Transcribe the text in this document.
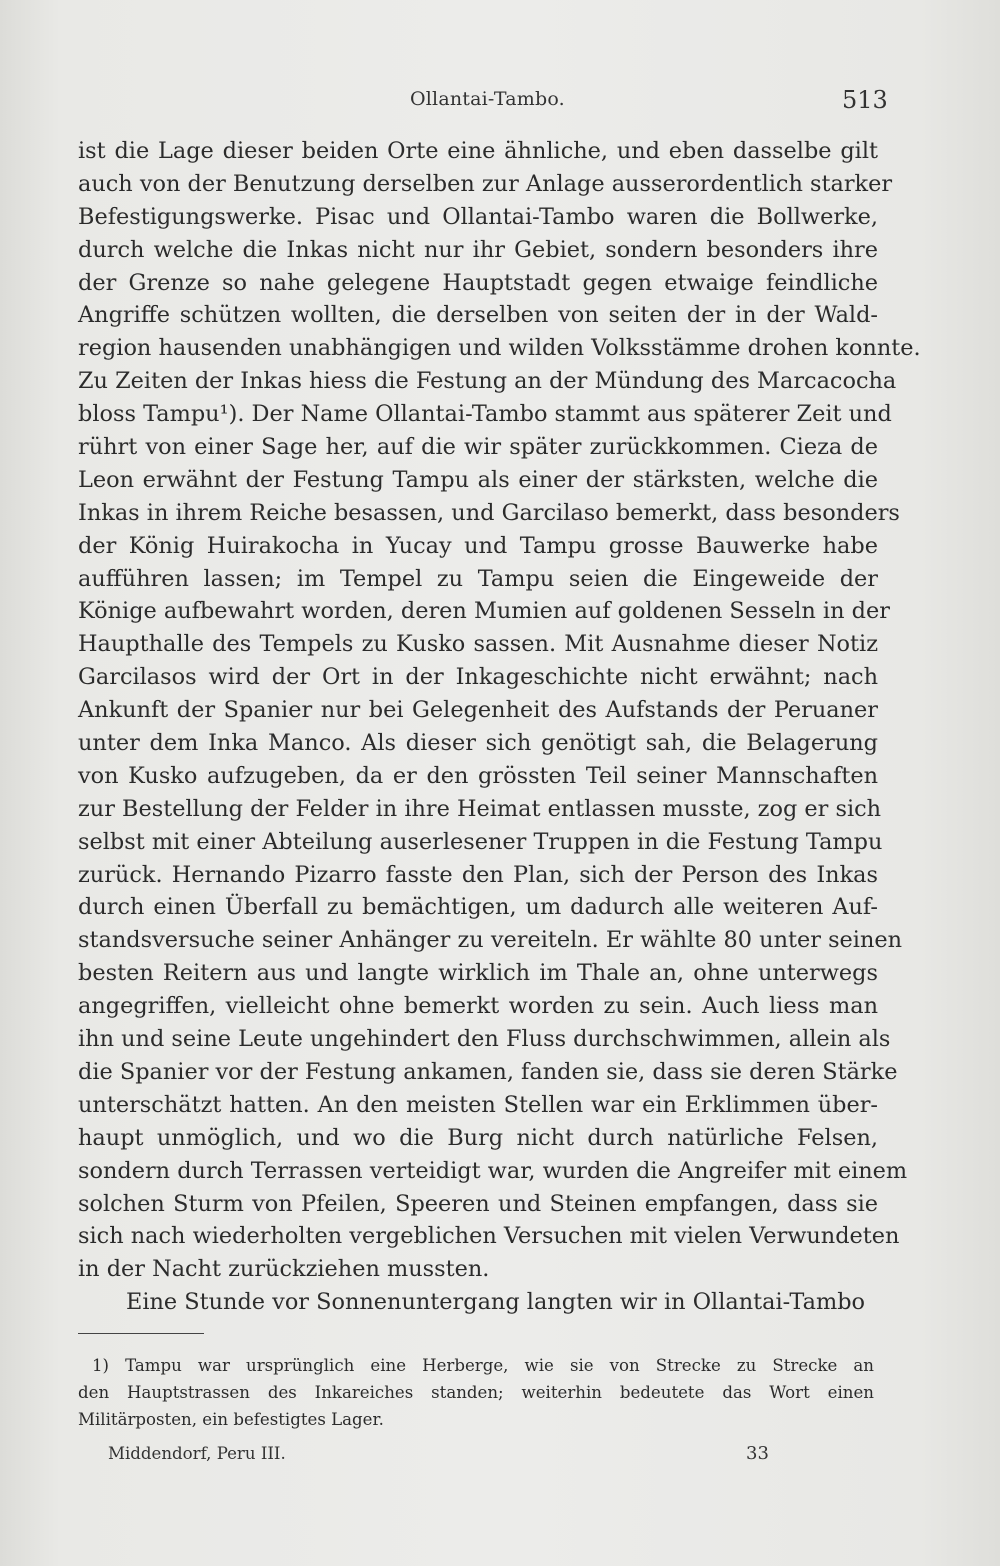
Ollantai-Tambo.	513
ist die Lage dieser beiden Orte eine ähnliche, und eben dasselbe gilt
auch von der Benutzung derselben zur Anlage ausserordentlich starker
Befestigungswerke. Pisac und Ollantai-Tambo waren die Bollwerke,
durch welche die Inkas nicht nur ihr Gebiet, sondern besonders ihre
der Grenze so nahe gelegene Hauptstadt gegen etwaige feindliche
Angriffe schützen wollten, die derselben von seiten der in der Wald-
region hausenden unabhängigen und wilden Volksstämme drohen konnte.
Zu Zeiten der Inkas hiess die Festung an der Mündung des Marcacocha
bloss Tampu¹). Der Name Ollantai-Tambo stammt aus späterer Zeit und
rührt von einer Sage her, auf die wir später zurückkommen. Cieza de
Leon erwähnt der Festung Tampu als einer der stärksten, welche die
Inkas in ihrem Reiche besassen, und Garcilaso bemerkt, dass besonders
der König Huirakocha in Yucay und Tampu grosse Bauwerke habe
aufführen lassen; im Tempel zu Tampu seien die Eingeweide der
Könige aufbewahrt worden, deren Mumien auf goldenen Sesseln in der
Haupthalle des Tempels zu Kusko sassen. Mit Ausnahme dieser Notiz
Garcilasos wird der Ort in der Inkageschichte nicht erwähnt; nach
Ankunft der Spanier nur bei Gelegenheit des Aufstands der Peruaner
unter dem Inka Manco. Als dieser sich genötigt sah, die Belagerung
von Kusko aufzugeben, da er den grössten Teil seiner Mannschaften
zur Bestellung der Felder in ihre Heimat entlassen musste, zog er sich
selbst mit einer Abteilung auserlesener Truppen in die Festung Tampu
zurück. Hernando Pizarro fasste den Plan, sich der Person des Inkas
durch einen Überfall zu bemächtigen, um dadurch alle weiteren Auf-
standsversuche seiner Anhänger zu vereiteln. Er wählte 80 unter seinen
besten Reitern aus und langte wirklich im Thale an, ohne unterwegs
angegriffen, vielleicht ohne bemerkt worden zu sein. Auch liess man
ihn und seine Leute ungehindert den Fluss durchschwimmen, allein als
die Spanier vor der Festung ankamen, fanden sie, dass sie deren Stärke
unterschätzt hatten. An den meisten Stellen war ein Erklimmen über-
haupt unmöglich, und wo die Burg nicht durch natürliche Felsen,
sondern durch Terrassen verteidigt war, wurden die Angreifer mit einem
solchen Sturm von Pfeilen, Speeren und Steinen empfangen, dass sie
sich nach wiederholten vergeblichen Versuchen mit vielen Verwundeten
in der Nacht zurückziehen mussten.
Eine Stunde vor Sonnenuntergang langten wir in Ollantai-Tambo
1) Tampu war ursprünglich eine Herberge, wie sie von Strecke zu Strecke an
den Hauptstrassen des Inkareiches standen; weiterhin bedeutete das Wort einen
Militärposten, ein befestigtes Lager.
Middendorf, Peru III.	33
